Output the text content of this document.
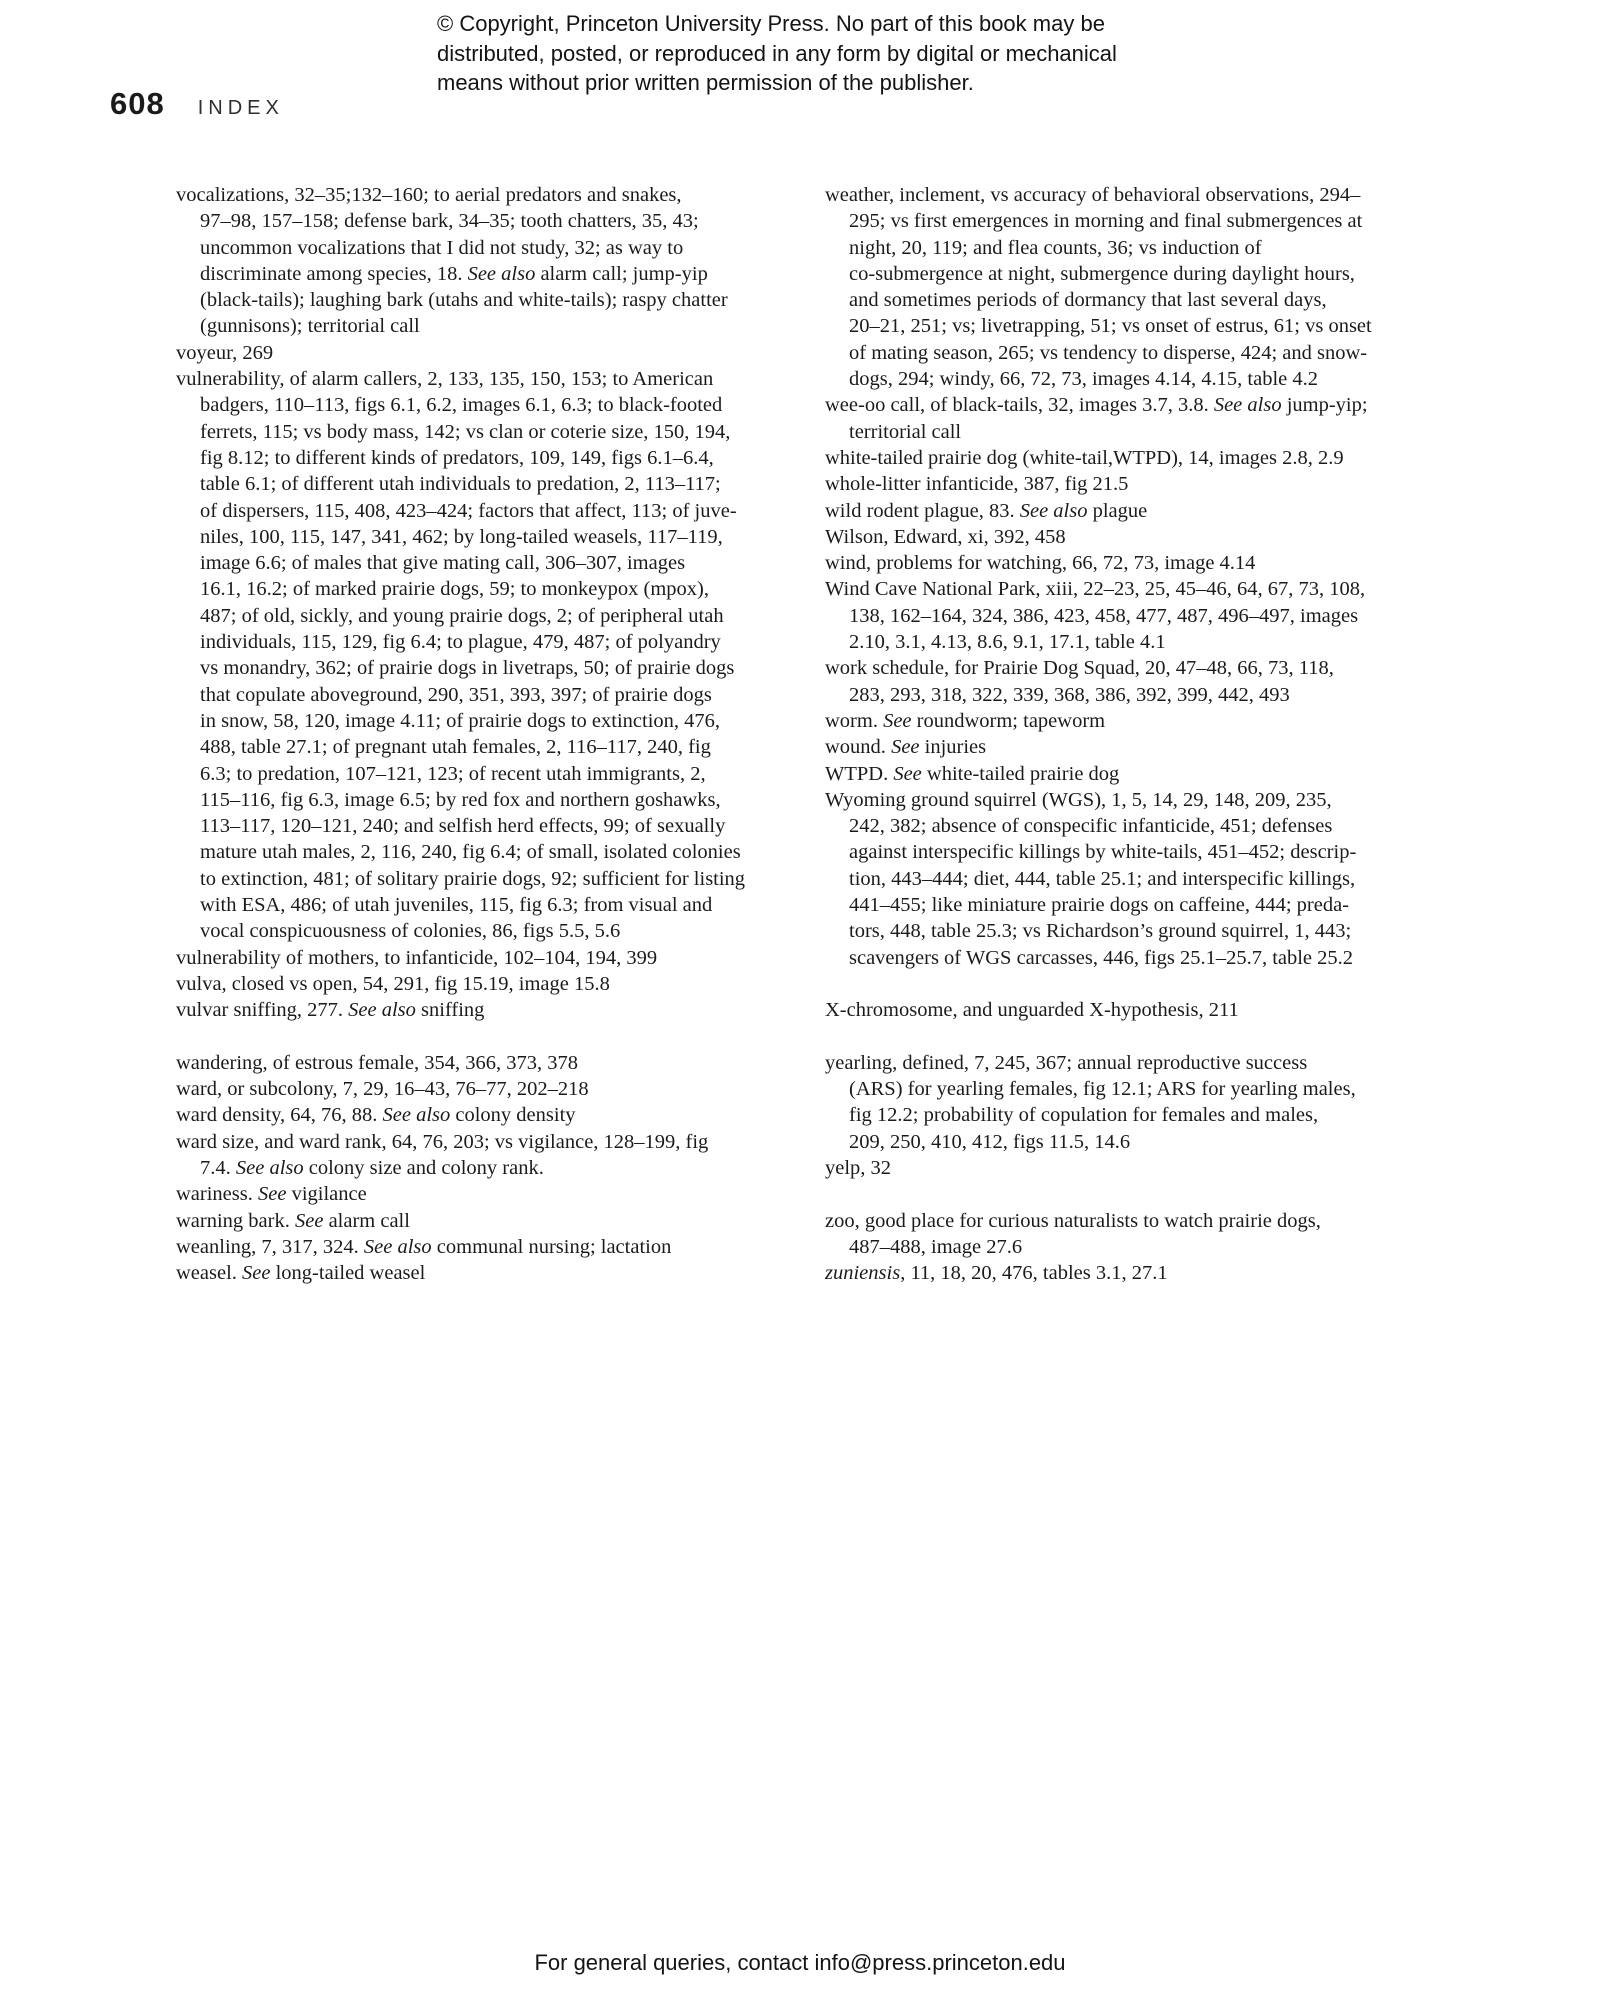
© Copyright, Princeton University Press. No part of this book may be
distributed, posted, or reproduced in any form by digital or mechanical
means without prior written permission of the publisher.
608 INDEX
vocalizations, 32–35;132–160; to aerial predators and snakes,
97–98, 157–158; defense bark, 34–35; tooth chatters, 35, 43;
uncommon vocalizations that I did not study, 32; as way to
discriminate among species, 18. See also alarm call; jump-yip
(black-tails); laughing bark (utahs and white-tails); raspy chatter
(gunnisons); territorial call
voyeur, 269
vulnerability, of alarm callers, 2, 133, 135, 150, 153; to American
badgers, 110–113, figs 6.1, 6.2, images 6.1, 6.3; to black-footed
ferrets, 115; vs body mass, 142; vs clan or coterie size, 150, 194,
fig 8.12; to different kinds of predators, 109, 149, figs 6.1–6.4,
table 6.1; of different utah individuals to predation, 2, 113–117;
of dispersers, 115, 408, 423–424; factors that affect, 113; of juve-
niles, 100, 115, 147, 341, 462; by long-tailed weasels, 117–119,
image 6.6; of males that give mating call, 306–307, images
16.1, 16.2; of marked prairie dogs, 59; to monkeypox (mpox),
487; of old, sickly, and young prairie dogs, 2; of peripheral utah
individuals, 115, 129, fig 6.4; to plague, 479, 487; of polyandry
vs monandry, 362; of prairie dogs in livetraps, 50; of prairie dogs
that copulate aboveground, 290, 351, 393, 397; of prairie dogs
in snow, 58, 120, image 4.11; of prairie dogs to extinction, 476,
488, table 27.1; of pregnant utah females, 2, 116–117, 240, fig
6.3; to predation, 107–121, 123; of recent utah immigrants, 2,
115–116, fig 6.3, image 6.5; by red fox and northern goshawks,
113–117, 120–121, 240; and selfish herd effects, 99; of sexually
mature utah males, 2, 116, 240, fig 6.4; of small, isolated colonies
to extinction, 481; of solitary prairie dogs, 92; sufficient for listing
with ESA, 486; of utah juveniles, 115, fig 6.3; from visual and
vocal conspicuousness of colonies, 86, figs 5.5, 5.6
vulnerability of mothers, to infanticide, 102–104, 194, 399
vulva, closed vs open, 54, 291, fig 15.19, image 15.8
vulvar sniffing, 277. See also sniffing
wandering, of estrous female, 354, 366, 373, 378
ward, or subcolony, 7, 29, 16–43, 76–77, 202–218
ward density, 64, 76, 88. See also colony density
ward size, and ward rank, 64, 76, 203; vs vigilance, 128–199, fig
7.4. See also colony size and colony rank.
wariness. See vigilance
warning bark. See alarm call
weanling, 7, 317, 324. See also communal nursing; lactation
weasel. See long-tailed weasel
weather, inclement, vs accuracy of behavioral observations, 294–
295; vs first emergences in morning and final submergences at
night, 20, 119; and flea counts, 36; vs induction of
co-submergence at night, submergence during daylight hours,
and sometimes periods of dormancy that last several days,
20–21, 251; vs; livetrapping, 51; vs onset of estrus, 61; vs onset
of mating season, 265; vs tendency to disperse, 424; and snow-
dogs, 294; windy, 66, 72, 73, images 4.14, 4.15, table 4.2
wee-oo call, of black-tails, 32, images 3.7, 3.8. See also jump-yip;
territorial call
white-tailed prairie dog (white-tail,WTPD), 14, images 2.8, 2.9
whole-litter infanticide, 387, fig 21.5
wild rodent plague, 83. See also plague
Wilson, Edward, xi, 392, 458
wind, problems for watching, 66, 72, 73, image 4.14
Wind Cave National Park, xiii, 22–23, 25, 45–46, 64, 67, 73, 108,
138, 162–164, 324, 386, 423, 458, 477, 487, 496–497, images
2.10, 3.1, 4.13, 8.6, 9.1, 17.1, table 4.1
work schedule, for Prairie Dog Squad, 20, 47–48, 66, 73, 118,
283, 293, 318, 322, 339, 368, 386, 392, 399, 442, 493
worm. See roundworm; tapeworm
wound. See injuries
WTPD. See white-tailed prairie dog
Wyoming ground squirrel (WGS), 1, 5, 14, 29, 148, 209, 235,
242, 382; absence of conspecific infanticide, 451; defenses
against interspecific killings by white-tails, 451–452; descrip-
tion, 443–444; diet, 444, table 25.1; and interspecific killings,
441–455; like miniature prairie dogs on caffeine, 444; preda-
tors, 448, table 25.3; vs Richardson’s ground squirrel, 1, 443;
scavengers of WGS carcasses, 446, figs 25.1–25.7, table 25.2
X-chromosome, and unguarded X-hypothesis, 211
yearling, defined, 7, 245, 367; annual reproductive success
(ARS) for yearling females, fig 12.1; ARS for yearling males,
fig 12.2; probability of copulation for females and males,
209, 250, 410, 412, figs 11.5, 14.6
yelp, 32
zoo, good place for curious naturalists to watch prairie dogs,
487–488, image 27.6
zuniensis, 11, 18, 20, 476, tables 3.1, 27.1
For general queries, contact info@press.princeton.edu
